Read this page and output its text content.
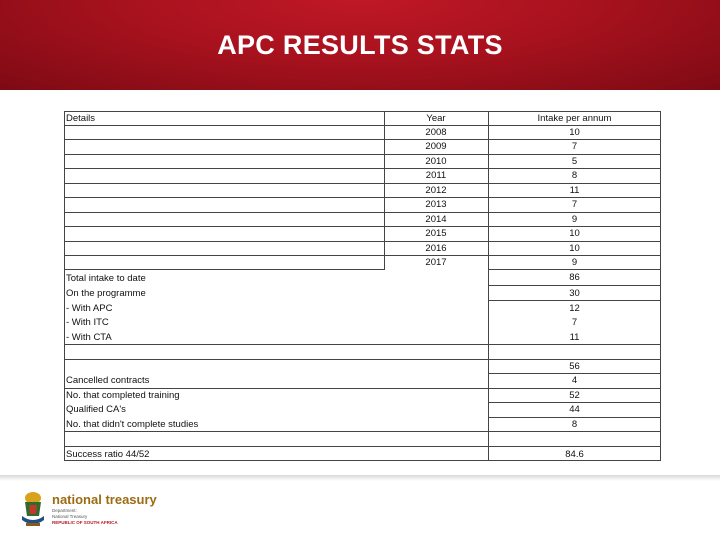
APC RESULTS STATS
Details	Year	Intake per annum
2008	10
2009	7
2010	5
2011	8
2012	11
2013	7
2014	9
2015	10
2016	10
2017	9
Total intake to date	86
On the programme	30
- With APC	12
- With ITC	7
- With CTA	11
56
Cancelled contracts	4
No. that completed training	52
Qualified CA's	44
No. that didn't complete studies	8
Success ratio 44/52	84.6
national treasury
Department:
National Treasury
REPUBLIC OF SOUTH AFRICA
